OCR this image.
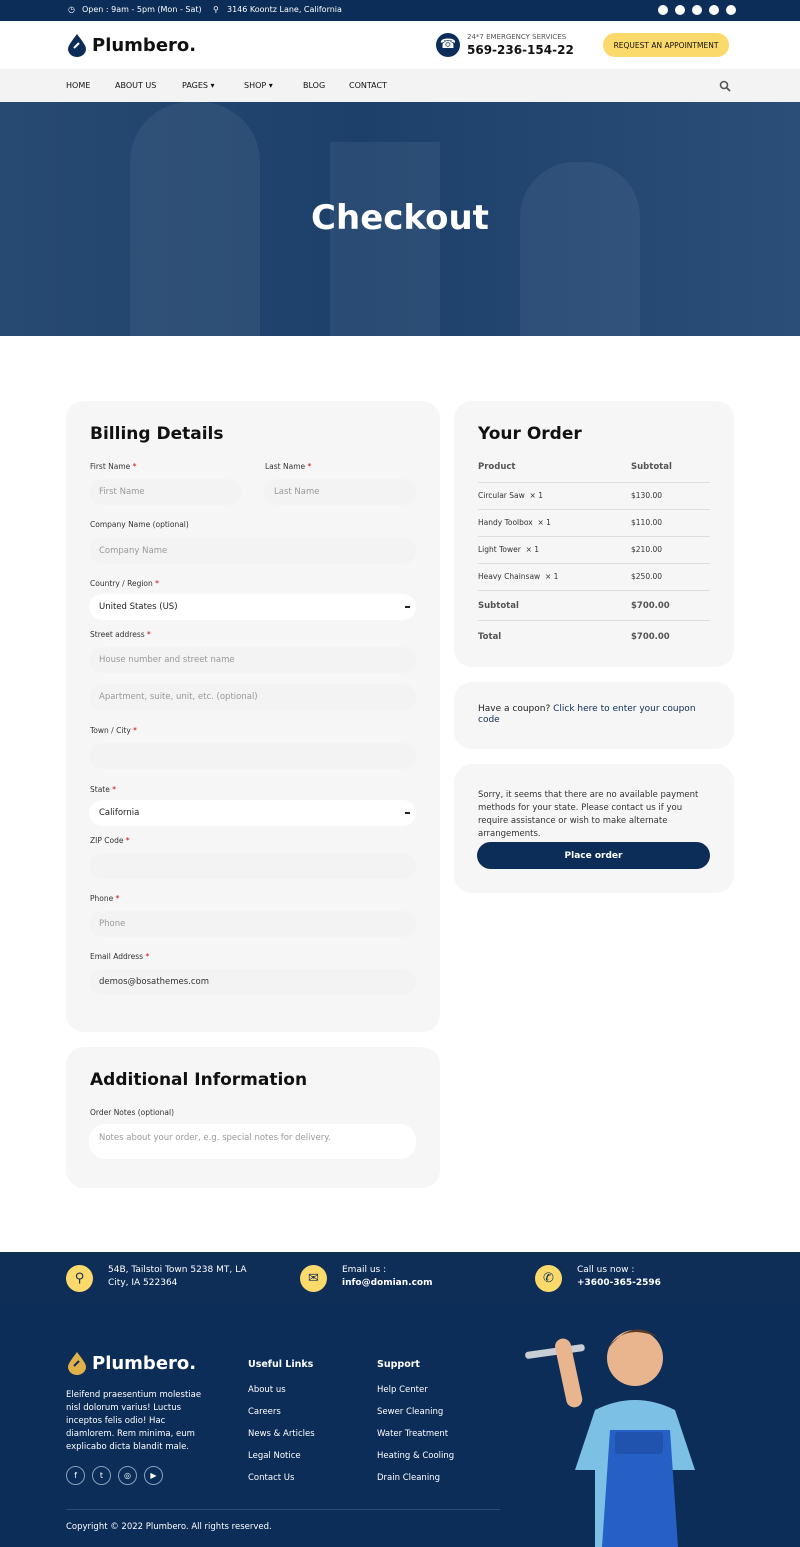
◷ Open : 9am - 5pm (Mon - Sat) ⚲ 3146 Koontz Lane, California
Plumbero.	☎	24*7 EMERGENCY SERVICES
569-236-154-22	REQUEST AN APPOINTMENT
HOME	ABOUT US	PAGES ▾	SHOP ▾	BLOG	CONTACT
Checkout
Billing Details
First Name *
First Name	Last Name *
Last Name
Company Name (optional)
Company Name
Country / Region *
United States (US)
Street address *
House number and street name
Apartment, suite, unit, etc. (optional)
Town / City *
State *
California
ZIP Code *
Phone *
Phone
Email Address *
demos@bosathemes.com
Additional Information
Order Notes (optional)
Notes about your order, e.g. special notes for delivery.
Your Order
Product	Subtotal
Circular Saw × 1	$130.00
Handy Toolbox × 1	$110.00
Light Tower × 1	$210.00
Heavy Chainsaw × 1	$250.00
Subtotal	$700.00
Total	$700.00
Have a coupon? Click here to enter your coupon code
Sorry, it seems that there are no available payment methods for your state. Please contact us if you require assistance or wish to make alternate arrangements.
Place order
⚲
54B, Tailstoi Town 5238 MT, LA City, IA 522364	✉
Email us :
info@domian.com	✆
Call us now :
+3600-365-2596
Plumbero.
Eleifend praesentium molestiae nisl dolorum varius! Luctus inceptos felis odio! Hac diamlorem. Rem minima, eum explicabo dicta blandit male.
f	t	◎	▶
Useful Links
About us
Careers
News & Articles
Legal Notice
Contact Us
Support
Help Center
Sewer Cleaning
Water Treatment
Heating & Cooling
Drain Cleaning
Copyright © 2022 Plumbero. All rights reserved.
